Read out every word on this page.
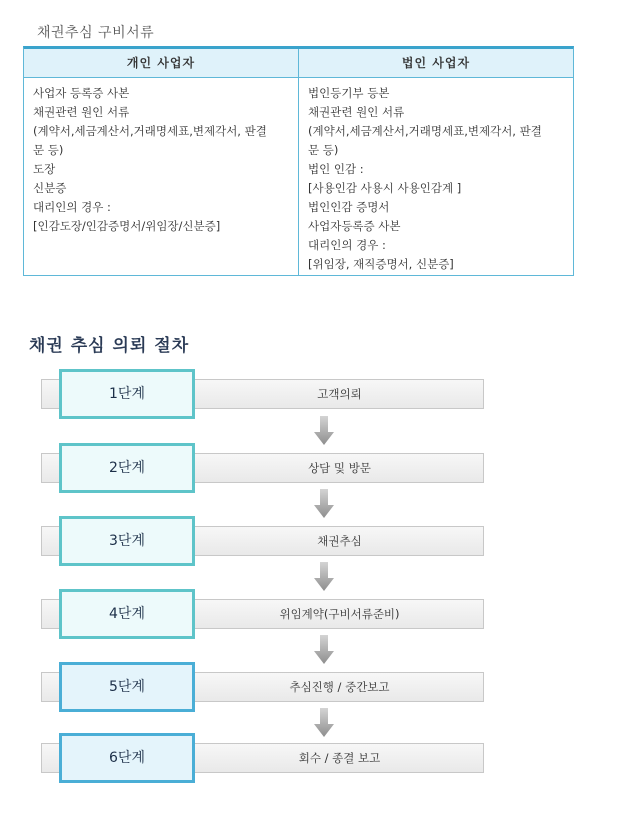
채권추심 구비서류
개인 사업자
사업자 등록증 사본
채권관련 원인 서류
(계약서,세금계산서,거래명세표,변제각서, 판결
문 등)
도장
신분증
대리인의 경우 :
[인감도장/인감증명서/위임장/신분증]
법인 사업자
법인등기부 등본
채권관련 원인 서류
(계약서,세금계산서,거래명세표,변제각서, 판결
문 등)
법인 인감 :
[사용인감 사용시 사용인감계 ]
법인인감 증명서
사업자등록증 사본
대리인의 경우 :
[위임장, 재직증명서, 신분증]
채권 추심 의뢰 절차
고객의뢰
1단계
상담 및 방문
2단계
채권추심
3단계
위임계약(구비서류준비)
4단계
추심진행 / 중간보고
5단계
회수 / 종결 보고
6단계
